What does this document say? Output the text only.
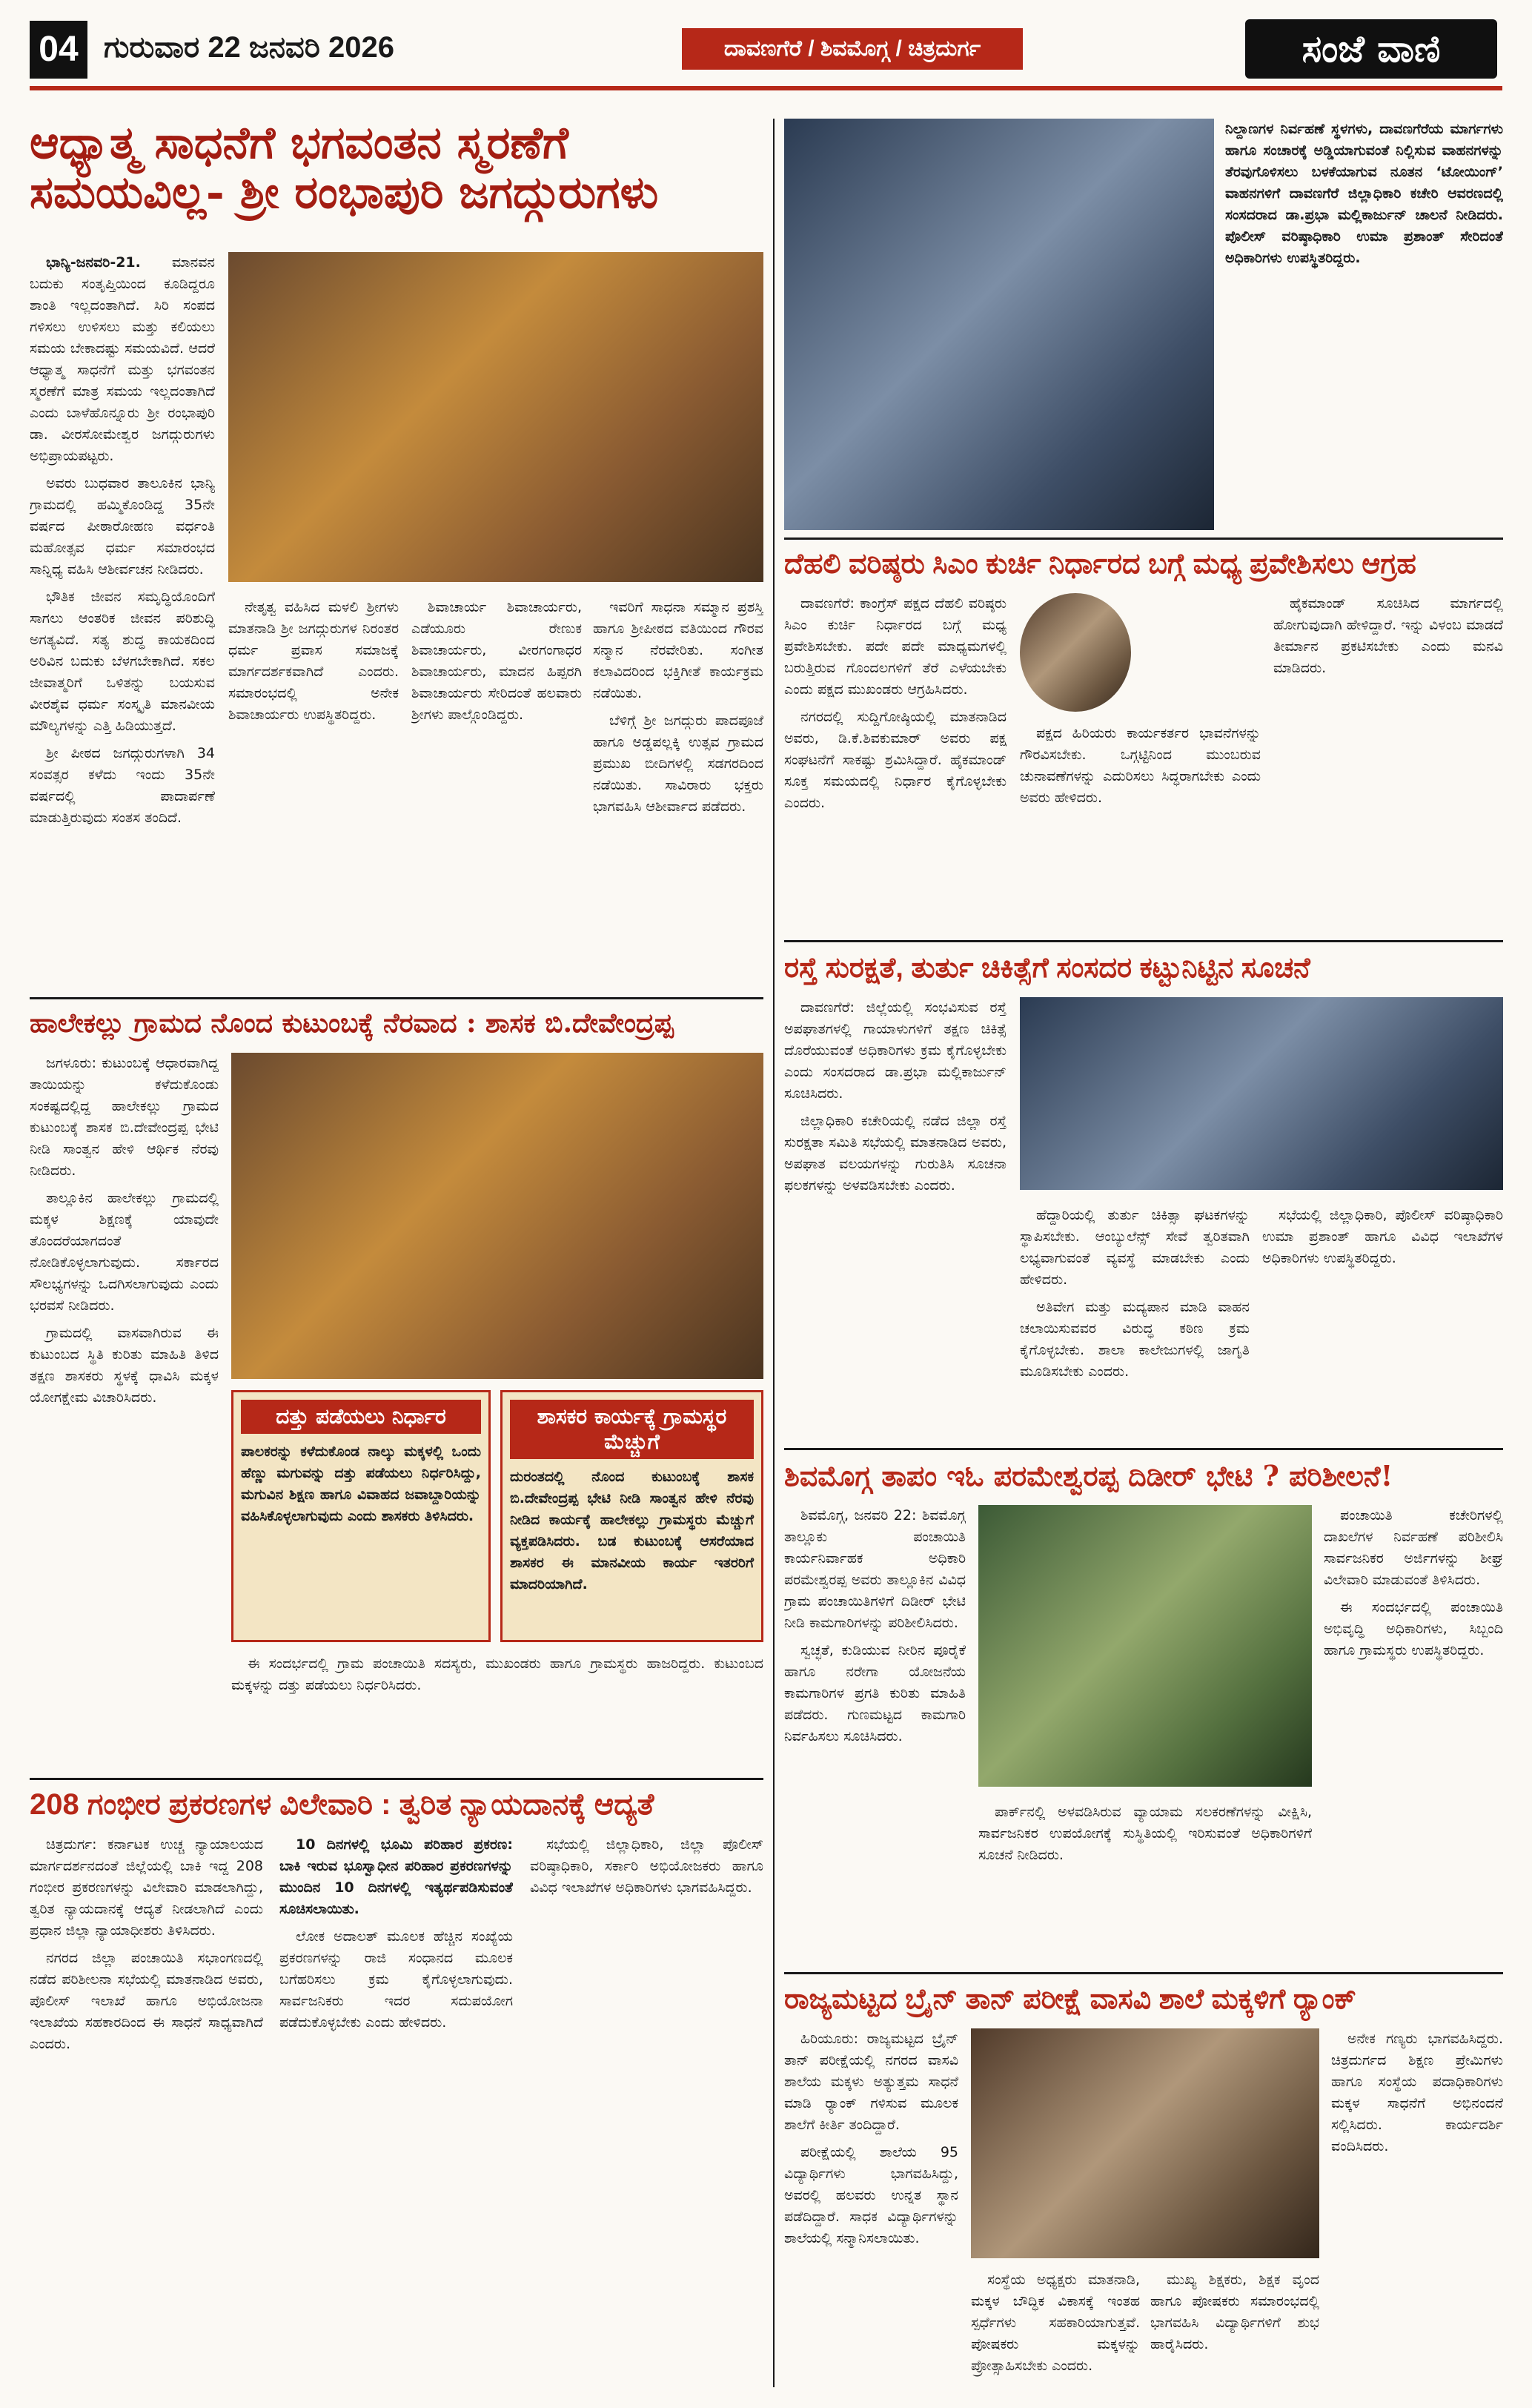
04 ಗುರುವಾರ 22 ಜನವರಿ 2026	ದಾವಣಗೆರೆ / ಶಿವಮೊಗ್ಗ / ಚಿತ್ರದುರ್ಗ	ಸಂಜೆ ವಾಣಿ
ಆಧ್ಯಾತ್ಮ ಸಾಧನೆಗೆ ಭಗವಂತನ ಸ್ಮರಣೆಗೆ
ಸಮಯವಿಲ್ಲ- ಶ್ರೀ ರಂಭಾಪುರಿ ಜಗದ್ಗುರುಗಳು

ಭಾನ್ಯಿ-ಜನವರಿ-21. ಮಾನವನ ಬದುಕು ಸಂತೃಪ್ತಿಯಿಂದ ಕೂಡಿದ್ದರೂ ಶಾಂತಿ ಇಲ್ಲದಂತಾಗಿದೆ. ಸಿರಿ ಸಂಪದ ಗಳಿಸಲು ಉಳಿಸಲು ಮತ್ತು ಕಲಿಯಲು ಸಮಯ ಬೇಕಾದಷ್ಟು ಸಮಯವಿದೆ. ಆದರೆ ಆಧ್ಯಾತ್ಮ ಸಾಧನೆಗೆ ಮತ್ತು ಭಗವಂತನ ಸ್ಮರಣೆಗೆ ಮಾತ್ರ ಸಮಯ ಇಲ್ಲದಂತಾಗಿದೆ ಎಂದು ಬಾಳೆಹೊನ್ನೂರು ಶ್ರೀ ರಂಭಾಪುರಿ ಡಾ. ವೀರಸೋಮೇಶ್ವರ ಜಗದ್ಗುರುಗಳು ಅಭಿಪ್ರಾಯಪಟ್ಟರು.

ಅವರು ಬುಧವಾರ ತಾಲೂಕಿನ ಭಾನ್ಯಿ ಗ್ರಾಮದಲ್ಲಿ ಹಮ್ಮಿಕೊಂಡಿದ್ದ 35ನೇ ವರ್ಷದ ಪೀಠಾರೋಹಣ ವರ್ಧಂತಿ ಮಹೋತ್ಸವ ಧರ್ಮ ಸಮಾರಂಭದ ಸಾನ್ನಿಧ್ಯ ವಹಿಸಿ ಆಶೀರ್ವಚನ ನೀಡಿದರು.

ಭೌತಿಕ ಜೀವನ ಸಮೃದ್ಧಿಯೊಂದಿಗೆ ಸಾಗಲು ಆಂತರಿಕ ಜೀವನ ಪರಿಶುದ್ಧಿ ಅಗತ್ಯವಿದೆ. ಸತ್ಯ ಶುದ್ಧ ಕಾಯಕದಿಂದ ಅರಿವಿನ ಬದುಕು ಬೆಳಗಬೇಕಾಗಿದೆ. ಸಕಲ ಜೀವಾತ್ಮರಿಗೆ ಒಳಿತನ್ನು ಬಯಸುವ ವೀರಶೈವ ಧರ್ಮ ಸಂಸ್ಕೃತಿ ಮಾನವೀಯ ಮೌಲ್ಯಗಳನ್ನು ಎತ್ತಿ ಹಿಡಿಯುತ್ತದೆ.

ಶ್ರೀ ಪೀಠದ ಜಗದ್ಗುರುಗಳಾಗಿ 34 ಸಂವತ್ಸರ ಕಳೆದು ಇಂದು 35ನೇ ವರ್ಷದಲ್ಲಿ ಪಾದಾರ್ಪಣೆ ಮಾಡುತ್ತಿರುವುದು ಸಂತಸ ತಂದಿದೆ.

ನೇತೃತ್ವ ವಹಿಸಿದ ಮಳಲಿ ಶ್ರೀಗಳು ಮಾತನಾಡಿ ಶ್ರೀ ಜಗದ್ಗುರುಗಳ ನಿರಂತರ ಧರ್ಮ ಪ್ರವಾಸ ಸಮಾಜಕ್ಕೆ ಮಾರ್ಗದರ್ಶಕವಾಗಿದೆ ಎಂದರು. ಸಮಾರಂಭದಲ್ಲಿ ಅನೇಕ ಶಿವಾಚಾರ್ಯರು ಉಪಸ್ಥಿತರಿದ್ದರು.

ಶಿವಾಚಾರ್ಯ ಶಿವಾಚಾರ್ಯರು, ಎಡೆಯೂರು ರೇಣುಕ ಶಿವಾಚಾರ್ಯರು, ವೀರಗಂಗಾಧರ ಶಿವಾಚಾರ್ಯರು, ಮಾದನ ಹಿಪ್ಪರಗಿ ಶಿವಾಚಾರ್ಯರು ಸೇರಿದಂತೆ ಹಲವಾರು ಶ್ರೀಗಳು ಪಾಲ್ಗೊಂಡಿದ್ದರು.

ಇವರಿಗೆ ಸಾಧನಾ ಸಮ್ಮಾನ ಪ್ರಶಸ್ತಿ ಹಾಗೂ ಶ್ರೀಪೀಠದ ವತಿಯಿಂದ ಗೌರವ ಸನ್ಮಾನ ನೆರವೇರಿತು. ಸಂಗೀತ ಕಲಾವಿದರಿಂದ ಭಕ್ತಿಗೀತೆ ಕಾರ್ಯಕ್ರಮ ನಡೆಯಿತು.

ಬೆಳಿಗ್ಗೆ ಶ್ರೀ ಜಗದ್ಗುರು ಪಾದಪೂಜೆ ಹಾಗೂ ಅಡ್ಡಪಲ್ಲಕ್ಕಿ ಉತ್ಸವ ಗ್ರಾಮದ ಪ್ರಮುಖ ಬೀದಿಗಳಲ್ಲಿ ಸಡಗರದಿಂದ ನಡೆಯಿತು. ಸಾವಿರಾರು ಭಕ್ತರು ಭಾಗವಹಿಸಿ ಆಶೀರ್ವಾದ ಪಡೆದರು.

ನಿಲ್ದಾಣಗಳ ನಿರ್ವಹಣೆ ಸ್ಥಳಗಳು, ದಾವಣಗೆರೆಯ ಮಾರ್ಗಗಳು ಹಾಗೂ ಸಂಚಾರಕ್ಕೆ ಅಡ್ಡಿಯಾಗುವಂತೆ ನಿಲ್ಲಿಸುವ ವಾಹನಗಳನ್ನು ತೆರವುಗೊಳಿಸಲು ಬಳಕೆಯಾಗುವ ನೂತನ ‘ಟೋಯಿಂಗ್’ ವಾಹನಗಳಿಗೆ ದಾವಣಗೆರೆ ಜಿಲ್ಲಾಧಿಕಾರಿ ಕಚೇರಿ ಆವರಣದಲ್ಲಿ ಸಂಸದರಾದ ಡಾ.ಪ್ರಭಾ ಮಲ್ಲಿಕಾರ್ಜುನ್ ಚಾಲನೆ ನೀಡಿದರು. ಪೊಲೀಸ್ ವರಿಷ್ಠಾಧಿಕಾರಿ ಉಮಾ ಪ್ರಶಾಂತ್ ಸೇರಿದಂತೆ ಅಧಿಕಾರಿಗಳು ಉಪಸ್ಥಿತರಿದ್ದರು.
ದೆಹಲಿ ವರಿಷ್ಠರು ಸಿಎಂ ಕುರ್ಚಿ ನಿರ್ಧಾರದ ಬಗ್ಗೆ ಮಧ್ಯ ಪ್ರವೇಶಿಸಲು ಆಗ್ರಹ

ದಾವಣಗೆರೆ: ಕಾಂಗ್ರೆಸ್ ಪಕ್ಷದ ದೆಹಲಿ ವರಿಷ್ಠರು ಸಿಎಂ ಕುರ್ಚಿ ನಿರ್ಧಾರದ ಬಗ್ಗೆ ಮಧ್ಯ ಪ್ರವೇಶಿಸಬೇಕು. ಪದೇ ಪದೇ ಮಾಧ್ಯಮಗಳಲ್ಲಿ ಬರುತ್ತಿರುವ ಗೊಂದಲಗಳಿಗೆ ತೆರೆ ಎಳೆಯಬೇಕು ಎಂದು ಪಕ್ಷದ ಮುಖಂಡರು ಆಗ್ರಹಿಸಿದರು.

ನಗರದಲ್ಲಿ ಸುದ್ದಿಗೋಷ್ಠಿಯಲ್ಲಿ ಮಾತನಾಡಿದ ಅವರು, ಡಿ.ಕೆ.ಶಿವಕುಮಾರ್ ಅವರು ಪಕ್ಷ ಸಂಘಟನೆಗೆ ಸಾಕಷ್ಟು ಶ್ರಮಿಸಿದ್ದಾರೆ. ಹೈಕಮಾಂಡ್ ಸೂಕ್ತ ಸಮಯದಲ್ಲಿ ನಿರ್ಧಾರ ಕೈಗೊಳ್ಳಬೇಕು ಎಂದರು.

ಪಕ್ಷದ ಹಿರಿಯರು ಕಾರ್ಯಕರ್ತರ ಭಾವನೆಗಳನ್ನು ಗೌರವಿಸಬೇಕು. ಒಗ್ಗಟ್ಟಿನಿಂದ ಮುಂಬರುವ ಚುನಾವಣೆಗಳನ್ನು ಎದುರಿಸಲು ಸಿದ್ಧರಾಗಬೇಕು ಎಂದು ಅವರು ಹೇಳಿದರು.

ಹೈಕಮಾಂಡ್ ಸೂಚಿಸಿದ ಮಾರ್ಗದಲ್ಲಿ ಹೋಗುವುದಾಗಿ ಹೇಳಿದ್ದಾರೆ. ಇನ್ನು ವಿಳಂಬ ಮಾಡದೆ ತೀರ್ಮಾನ ಪ್ರಕಟಿಸಬೇಕು ಎಂದು ಮನವಿ ಮಾಡಿದರು.

ರಸ್ತೆ ಸುರಕ್ಷತೆ, ತುರ್ತು ಚಿಕಿತ್ಸೆಗೆ ಸಂಸದರ ಕಟ್ಟುನಿಟ್ಟಿನ ಸೂಚನೆ

ದಾವಣಗೆರೆ: ಜಿಲ್ಲೆಯಲ್ಲಿ ಸಂಭವಿಸುವ ರಸ್ತೆ ಅಪಘಾತಗಳಲ್ಲಿ ಗಾಯಾಳುಗಳಿಗೆ ತಕ್ಷಣ ಚಿಕಿತ್ಸೆ ದೊರೆಯುವಂತೆ ಅಧಿಕಾರಿಗಳು ಕ್ರಮ ಕೈಗೊಳ್ಳಬೇಕು ಎಂದು ಸಂಸದರಾದ ಡಾ.ಪ್ರಭಾ ಮಲ್ಲಿಕಾರ್ಜುನ್ ಸೂಚಿಸಿದರು.

ಜಿಲ್ಲಾಧಿಕಾರಿ ಕಚೇರಿಯಲ್ಲಿ ನಡೆದ ಜಿಲ್ಲಾ ರಸ್ತೆ ಸುರಕ್ಷತಾ ಸಮಿತಿ ಸಭೆಯಲ್ಲಿ ಮಾತನಾಡಿದ ಅವರು, ಅಪಘಾತ ವಲಯಗಳನ್ನು ಗುರುತಿಸಿ ಸೂಚನಾ ಫಲಕಗಳನ್ನು ಅಳವಡಿಸಬೇಕು ಎಂದರು.

ಹೆದ್ದಾರಿಯಲ್ಲಿ ತುರ್ತು ಚಿಕಿತ್ಸಾ ಘಟಕಗಳನ್ನು ಸ್ಥಾಪಿಸಬೇಕು. ಆಂಬ್ಯುಲೆನ್ಸ್ ಸೇವೆ ತ್ವರಿತವಾಗಿ ಲಭ್ಯವಾಗುವಂತೆ ವ್ಯವಸ್ಥೆ ಮಾಡಬೇಕು ಎಂದು ಹೇಳಿದರು.

ಅತಿವೇಗ ಮತ್ತು ಮದ್ಯಪಾನ ಮಾಡಿ ವಾಹನ ಚಲಾಯಿಸುವವರ ವಿರುದ್ಧ ಕಠಿಣ ಕ್ರಮ ಕೈಗೊಳ್ಳಬೇಕು. ಶಾಲಾ ಕಾಲೇಜುಗಳಲ್ಲಿ ಜಾಗೃತಿ ಮೂಡಿಸಬೇಕು ಎಂದರು.

ಸಭೆಯಲ್ಲಿ ಜಿಲ್ಲಾಧಿಕಾರಿ, ಪೊಲೀಸ್ ವರಿಷ್ಠಾಧಿಕಾರಿ ಉಮಾ ಪ್ರಶಾಂತ್ ಹಾಗೂ ವಿವಿಧ ಇಲಾಖೆಗಳ ಅಧಿಕಾರಿಗಳು ಉಪಸ್ಥಿತರಿದ್ದರು.

ಶಿವಮೊಗ್ಗ ತಾಪಂ ಇಓ ಪರಮೇಶ್ವರಪ್ಪ ದಿಡೀರ್ ಭೇಟಿ ? ಪರಿಶೀಲನೆ!

ಶಿವಮೊಗ್ಗ, ಜನವರಿ 22: ಶಿವಮೊಗ್ಗ ತಾಲ್ಲೂಕು ಪಂಚಾಯಿತಿ ಕಾರ್ಯನಿರ್ವಾಹಕ ಅಧಿಕಾರಿ ಪರಮೇಶ್ವರಪ್ಪ ಅವರು ತಾಲ್ಲೂಕಿನ ವಿವಿಧ ಗ್ರಾಮ ಪಂಚಾಯಿತಿಗಳಿಗೆ ದಿಡೀರ್ ಭೇಟಿ ನೀಡಿ ಕಾಮಗಾರಿಗಳನ್ನು ಪರಿಶೀಲಿಸಿದರು.

ಸ್ವಚ್ಛತೆ, ಕುಡಿಯುವ ನೀರಿನ ಪೂರೈಕೆ ಹಾಗೂ ನರೇಗಾ ಯೋಜನೆಯ ಕಾಮಗಾರಿಗಳ ಪ್ರಗತಿ ಕುರಿತು ಮಾಹಿತಿ ಪಡೆದರು. ಗುಣಮಟ್ಟದ ಕಾಮಗಾರಿ ನಿರ್ವಹಿಸಲು ಸೂಚಿಸಿದರು.

ಪಾರ್ಕ್‌ನಲ್ಲಿ ಅಳವಡಿಸಿರುವ ವ್ಯಾಯಾಮ ಸಲಕರಣೆಗಳನ್ನು ವೀಕ್ಷಿಸಿ, ಸಾರ್ವಜನಿಕರ ಉಪಯೋಗಕ್ಕೆ ಸುಸ್ಥಿತಿಯಲ್ಲಿ ಇರಿಸುವಂತೆ ಅಧಿಕಾರಿಗಳಿಗೆ ಸೂಚನೆ ನೀಡಿದರು.

ಪಂಚಾಯಿತಿ ಕಚೇರಿಗಳಲ್ಲಿ ದಾಖಲೆಗಳ ನಿರ್ವಹಣೆ ಪರಿಶೀಲಿಸಿ ಸಾರ್ವಜನಿಕರ ಅರ್ಜಿಗಳನ್ನು ಶೀಘ್ರ ವಿಲೇವಾರಿ ಮಾಡುವಂತೆ ತಿಳಿಸಿದರು.

ಈ ಸಂದರ್ಭದಲ್ಲಿ ಪಂಚಾಯಿತಿ ಅಭಿವೃದ್ಧಿ ಅಧಿಕಾರಿಗಳು, ಸಿಬ್ಬಂದಿ ಹಾಗೂ ಗ್ರಾಮಸ್ಥರು ಉಪಸ್ಥಿತರಿದ್ದರು.

ರಾಜ್ಯಮಟ್ಟದ ಬ್ರೈನ್ ತಾನ್ ಪರೀಕ್ಷೆ ವಾಸವಿ ಶಾಲೆ ಮಕ್ಕಳಿಗೆ ರ್‍ಯಾಂಕ್

ಹಿರಿಯೂರು: ರಾಜ್ಯಮಟ್ಟದ ಬ್ರೈನ್ ತಾನ್ ಪರೀಕ್ಷೆಯಲ್ಲಿ ನಗರದ ವಾಸವಿ ಶಾಲೆಯ ಮಕ್ಕಳು ಅತ್ಯುತ್ತಮ ಸಾಧನೆ ಮಾಡಿ ರ್‍ಯಾಂಕ್ ಗಳಿಸುವ ಮೂಲಕ ಶಾಲೆಗೆ ಕೀರ್ತಿ ತಂದಿದ್ದಾರೆ.

ಪರೀಕ್ಷೆಯಲ್ಲಿ ಶಾಲೆಯ 95 ವಿದ್ಯಾರ್ಥಿಗಳು ಭಾಗವಹಿಸಿದ್ದು, ಅವರಲ್ಲಿ ಹಲವರು ಉನ್ನತ ಸ್ಥಾನ ಪಡೆದಿದ್ದಾರೆ. ಸಾಧಕ ವಿದ್ಯಾರ್ಥಿಗಳನ್ನು ಶಾಲೆಯಲ್ಲಿ ಸನ್ಮಾನಿಸಲಾಯಿತು.

ಸಂಸ್ಥೆಯ ಅಧ್ಯಕ್ಷರು ಮಾತನಾಡಿ, ಮಕ್ಕಳ ಬೌದ್ಧಿಕ ವಿಕಾಸಕ್ಕೆ ಇಂತಹ ಸ್ಪರ್ಧೆಗಳು ಸಹಕಾರಿಯಾಗುತ್ತವೆ. ಪೋಷಕರು ಮಕ್ಕಳನ್ನು ಪ್ರೋತ್ಸಾಹಿಸಬೇಕು ಎಂದರು.

ಮುಖ್ಯ ಶಿಕ್ಷಕರು, ಶಿಕ್ಷಕ ವೃಂದ ಹಾಗೂ ಪೋಷಕರು ಸಮಾರಂಭದಲ್ಲಿ ಭಾಗವಹಿಸಿ ವಿದ್ಯಾರ್ಥಿಗಳಿಗೆ ಶುಭ ಹಾರೈಸಿದರು.

ಅನೇಕ ಗಣ್ಯರು ಭಾಗವಹಿಸಿದ್ದರು. ಚಿತ್ರದುರ್ಗದ ಶಿಕ್ಷಣ ಪ್ರೇಮಿಗಳು ಹಾಗೂ ಸಂಸ್ಥೆಯ ಪದಾಧಿಕಾರಿಗಳು ಮಕ್ಕಳ ಸಾಧನೆಗೆ ಅಭಿನಂದನೆ ಸಲ್ಲಿಸಿದರು. ಕಾರ್ಯದರ್ಶಿ ವಂದಿಸಿದರು.

ಹಾಲೇಕಲ್ಲು ಗ್ರಾಮದ ನೊಂದ ಕುಟುಂಬಕ್ಕೆ ನೆರವಾದ : ಶಾಸಕ ಬಿ.ದೇವೇಂದ್ರಪ್ಪ

ಜಗಳೂರು: ಕುಟುಂಬಕ್ಕೆ ಆಧಾರವಾಗಿದ್ದ ತಾಯಿಯನ್ನು ಕಳೆದುಕೊಂಡು ಸಂಕಷ್ಟದಲ್ಲಿದ್ದ ಹಾಲೇಕಲ್ಲು ಗ್ರಾಮದ ಕುಟುಂಬಕ್ಕೆ ಶಾಸಕ ಬಿ.ದೇವೇಂದ್ರಪ್ಪ ಭೇಟಿ ನೀಡಿ ಸಾಂತ್ವನ ಹೇಳಿ ಆರ್ಥಿಕ ನೆರವು ನೀಡಿದರು.

ತಾಲ್ಲೂಕಿನ ಹಾಲೇಕಲ್ಲು ಗ್ರಾಮದಲ್ಲಿ ಮಕ್ಕಳ ಶಿಕ್ಷಣಕ್ಕೆ ಯಾವುದೇ ತೊಂದರೆಯಾಗದಂತೆ ನೋಡಿಕೊಳ್ಳಲಾಗುವುದು. ಸರ್ಕಾರದ ಸೌಲಭ್ಯಗಳನ್ನು ಒದಗಿಸಲಾಗುವುದು ಎಂದು ಭರವಸೆ ನೀಡಿದರು.

ಗ್ರಾಮದಲ್ಲಿ ವಾಸವಾಗಿರುವ ಈ ಕುಟುಂಬದ ಸ್ಥಿತಿ ಕುರಿತು ಮಾಹಿತಿ ತಿಳಿದ ತಕ್ಷಣ ಶಾಸಕರು ಸ್ಥಳಕ್ಕೆ ಧಾವಿಸಿ ಮಕ್ಕಳ ಯೋಗಕ್ಷೇಮ ವಿಚಾರಿಸಿದರು.

ದತ್ತು ಪಡೆಯಲು ನಿರ್ಧಾರ
ಪಾಲಕರನ್ನು ಕಳೆದುಕೊಂಡ ನಾಲ್ಕು ಮಕ್ಕಳಲ್ಲಿ ಒಂದು ಹೆಣ್ಣು ಮಗುವನ್ನು ದತ್ತು ಪಡೆಯಲು ನಿರ್ಧರಿಸಿದ್ದು, ಮಗುವಿನ ಶಿಕ್ಷಣ ಹಾಗೂ ವಿವಾಹದ ಜವಾಬ್ದಾರಿಯನ್ನು ವಹಿಸಿಕೊಳ್ಳಲಾಗುವುದು ಎಂದು ಶಾಸಕರು ತಿಳಿಸಿದರು.
ಶಾಸಕರ ಕಾರ್ಯಕ್ಕೆ ಗ್ರಾಮಸ್ಥರ ಮೆಚ್ಚುಗೆ
ದುರಂತದಲ್ಲಿ ನೊಂದ ಕುಟುಂಬಕ್ಕೆ ಶಾಸಕ ಬಿ.ದೇವೇಂದ್ರಪ್ಪ ಭೇಟಿ ನೀಡಿ ಸಾಂತ್ವನ ಹೇಳಿ ನೆರವು ನೀಡಿದ ಕಾರ್ಯಕ್ಕೆ ಹಾಲೇಕಲ್ಲು ಗ್ರಾಮಸ್ಥರು ಮೆಚ್ಚುಗೆ ವ್ಯಕ್ತಪಡಿಸಿದರು. ಬಡ ಕುಟುಂಬಕ್ಕೆ ಆಸರೆಯಾದ ಶಾಸಕರ ಈ ಮಾನವೀಯ ಕಾರ್ಯ ಇತರರಿಗೆ ಮಾದರಿಯಾಗಿದೆ.

ಈ ಸಂದರ್ಭದಲ್ಲಿ ಗ್ರಾಮ ಪಂಚಾಯಿತಿ ಸದಸ್ಯರು, ಮುಖಂಡರು ಹಾಗೂ ಗ್ರಾಮಸ್ಥರು ಹಾಜರಿದ್ದರು. ಕುಟುಂಬದ ಮಕ್ಕಳನ್ನು ದತ್ತು ಪಡೆಯಲು ನಿರ್ಧರಿಸಿದರು.

208 ಗಂಭೀರ ಪ್ರಕರಣಗಳ ವಿಲೇವಾರಿ : ತ್ವರಿತ ನ್ಯಾಯದಾನಕ್ಕೆ ಆದ್ಯತೆ

ಚಿತ್ರದುರ್ಗ: ಕರ್ನಾಟಕ ಉಚ್ಚ ನ್ಯಾಯಾಲಯದ ಮಾರ್ಗದರ್ಶನದಂತೆ ಜಿಲ್ಲೆಯಲ್ಲಿ ಬಾಕಿ ಇದ್ದ 208 ಗಂಭೀರ ಪ್ರಕರಣಗಳನ್ನು ವಿಲೇವಾರಿ ಮಾಡಲಾಗಿದ್ದು, ತ್ವರಿತ ನ್ಯಾಯದಾನಕ್ಕೆ ಆದ್ಯತೆ ನೀಡಲಾಗಿದೆ ಎಂದು ಪ್ರಧಾನ ಜಿಲ್ಲಾ ನ್ಯಾಯಾಧೀಶರು ತಿಳಿಸಿದರು.

ನಗರದ ಜಿಲ್ಲಾ ಪಂಚಾಯಿತಿ ಸಭಾಂಗಣದಲ್ಲಿ ನಡೆದ ಪರಿಶೀಲನಾ ಸಭೆಯಲ್ಲಿ ಮಾತನಾಡಿದ ಅವರು, ಪೊಲೀಸ್ ಇಲಾಖೆ ಹಾಗೂ ಅಭಿಯೋಜನಾ ಇಲಾಖೆಯ ಸಹಕಾರದಿಂದ ಈ ಸಾಧನೆ ಸಾಧ್ಯವಾಗಿದೆ ಎಂದರು.

10 ದಿನಗಳಲ್ಲಿ ಭೂಮಿ ಪರಿಹಾರ ಪ್ರಕರಣ: ಬಾಕಿ ಇರುವ ಭೂಸ್ವಾಧೀನ ಪರಿಹಾರ ಪ್ರಕರಣಗಳನ್ನು ಮುಂದಿನ 10 ದಿನಗಳಲ್ಲಿ ಇತ್ಯರ್ಥಪಡಿಸುವಂತೆ ಸೂಚಿಸಲಾಯಿತು.

ಲೋಕ ಅದಾಲತ್ ಮೂಲಕ ಹೆಚ್ಚಿನ ಸಂಖ್ಯೆಯ ಪ್ರಕರಣಗಳನ್ನು ರಾಜಿ ಸಂಧಾನದ ಮೂಲಕ ಬಗೆಹರಿಸಲು ಕ್ರಮ ಕೈಗೊಳ್ಳಲಾಗುವುದು. ಸಾರ್ವಜನಿಕರು ಇದರ ಸದುಪಯೋಗ ಪಡೆದುಕೊಳ್ಳಬೇಕು ಎಂದು ಹೇಳಿದರು.

ಸಭೆಯಲ್ಲಿ ಜಿಲ್ಲಾಧಿಕಾರಿ, ಜಿಲ್ಲಾ ಪೊಲೀಸ್ ವರಿಷ್ಠಾಧಿಕಾರಿ, ಸರ್ಕಾರಿ ಅಭಿಯೋಜಕರು ಹಾಗೂ ವಿವಿಧ ಇಲಾಖೆಗಳ ಅಧಿಕಾರಿಗಳು ಭಾಗವಹಿಸಿದ್ದರು.
